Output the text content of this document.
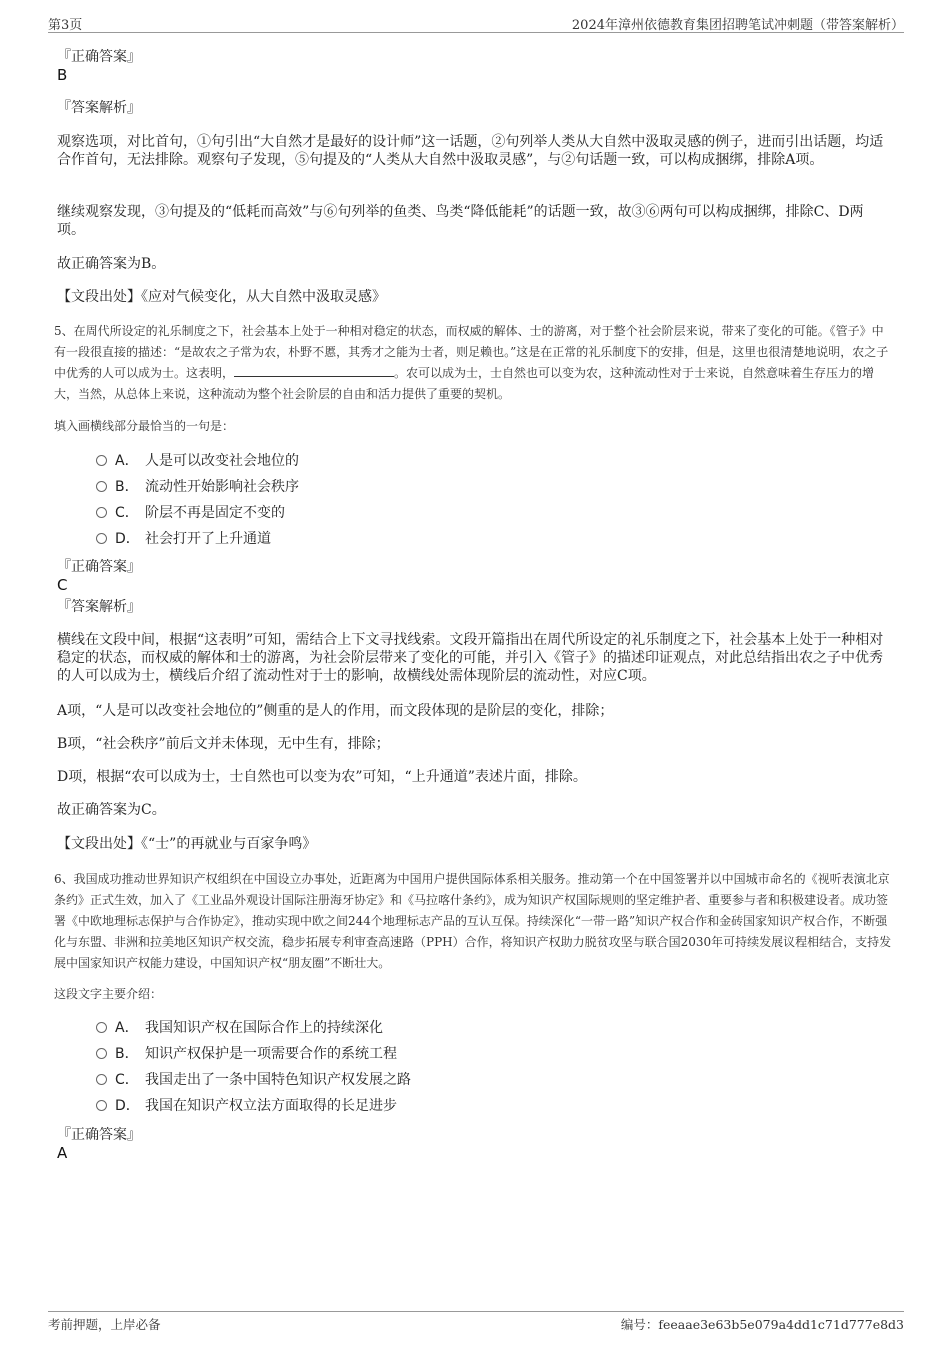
第3页	2024年漳州依德教育集团招聘笔试冲刺题（带答案解析）
『正确答案』
B
『答案解析』
观察选项，对比首句，①句引出“大自然才是最好的设计师”这一话题，②句列举人类从大自然中汲取灵感的例子，进而引出话题，均适合作首句，无法排除。观察句子发现，⑤句提及的“人类从大自然中汲取灵感”，与②句话题一致，可以构成捆绑，排除A项。
继续观察发现，③句提及的“低耗而高效”与⑥句列举的鱼类、鸟类“降低能耗”的话题一致，故③⑥两句可以构成捆绑，排除C、D两项。
故正确答案为B。
【文段出处】《应对气候变化，从大自然中汲取灵感》
5、在周代所设定的礼乐制度之下，社会基本上处于一种相对稳定的状态，而权威的解体、士的游离，对于整个社会阶层来说，带来了变化的可能。《管子》中有一段很直接的描述：“是故农之子常为农，朴野不慝，其秀才之能为士者，则足赖也。”这是在正常的礼乐制度下的安排，但是，这里也很清楚地说明，农之子中优秀的人可以成为士。这表明，	。农可以成为士，士自然也可以变为农，这种流动性对于士来说，自然意味着生存压力的增大，当然，从总体上来说，这种流动为整个社会阶层的自由和活力提供了重要的契机。
填入画横线部分最恰当的一句是：
A． 人是可以改变社会地位的
B． 流动性开始影响社会秩序
C． 阶层不再是固定不变的
D． 社会打开了上升通道
『正确答案』
C
『答案解析』
横线在文段中间，根据“这表明”可知，需结合上下文寻找线索。文段开篇指出在周代所设定的礼乐制度之下，社会基本上处于一种相对稳定的状态，而权威的解体和士的游离，为社会阶层带来了变化的可能，并引入《管子》的描述印证观点，对此总结指出农之子中优秀的人可以成为士，横线后介绍了流动性对于士的影响，故横线处需体现阶层的流动性，对应C项。
A项，“人是可以改变社会地位的”侧重的是人的作用，而文段体现的是阶层的变化，排除；
B项，“社会秩序”前后文并未体现，无中生有，排除；
D项，根据“农可以成为士，士自然也可以变为农”可知，“上升通道”表述片面，排除。
故正确答案为C。
【文段出处】《“士”的再就业与百家争鸣》
6、我国成功推动世界知识产权组织在中国设立办事处，近距离为中国用户提供国际体系相关服务。推动第一个在中国签署并以中国城市命名的《视听表演北京条约》正式生效，加入了《工业品外观设计国际注册海牙协定》和《马拉喀什条约》，成为知识产权国际规则的坚定维护者、重要参与者和积极建设者。成功签署《中欧地理标志保护与合作协定》，推动实现中欧之间244个地理标志产品的互认互保。持续深化“一带一路”知识产权合作和金砖国家知识产权合作，不断强化与东盟、非洲和拉美地区知识产权交流，稳步拓展专利审查高速路（PPH）合作，将知识产权助力脱贫攻坚与联合国2030年可持续发展议程相结合，支持发展中国家知识产权能力建设，中国知识产权“朋友圈”不断壮大。
这段文字主要介绍：
A． 我国知识产权在国际合作上的持续深化
B． 知识产权保护是一项需要合作的系统工程
C． 我国走出了一条中国特色知识产权发展之路
D． 我国在知识产权立法方面取得的长足进步
『正确答案』
A
考前押题，上岸必备	编号：feeaae3e63b5e079a4dd1c71d777e8d3
